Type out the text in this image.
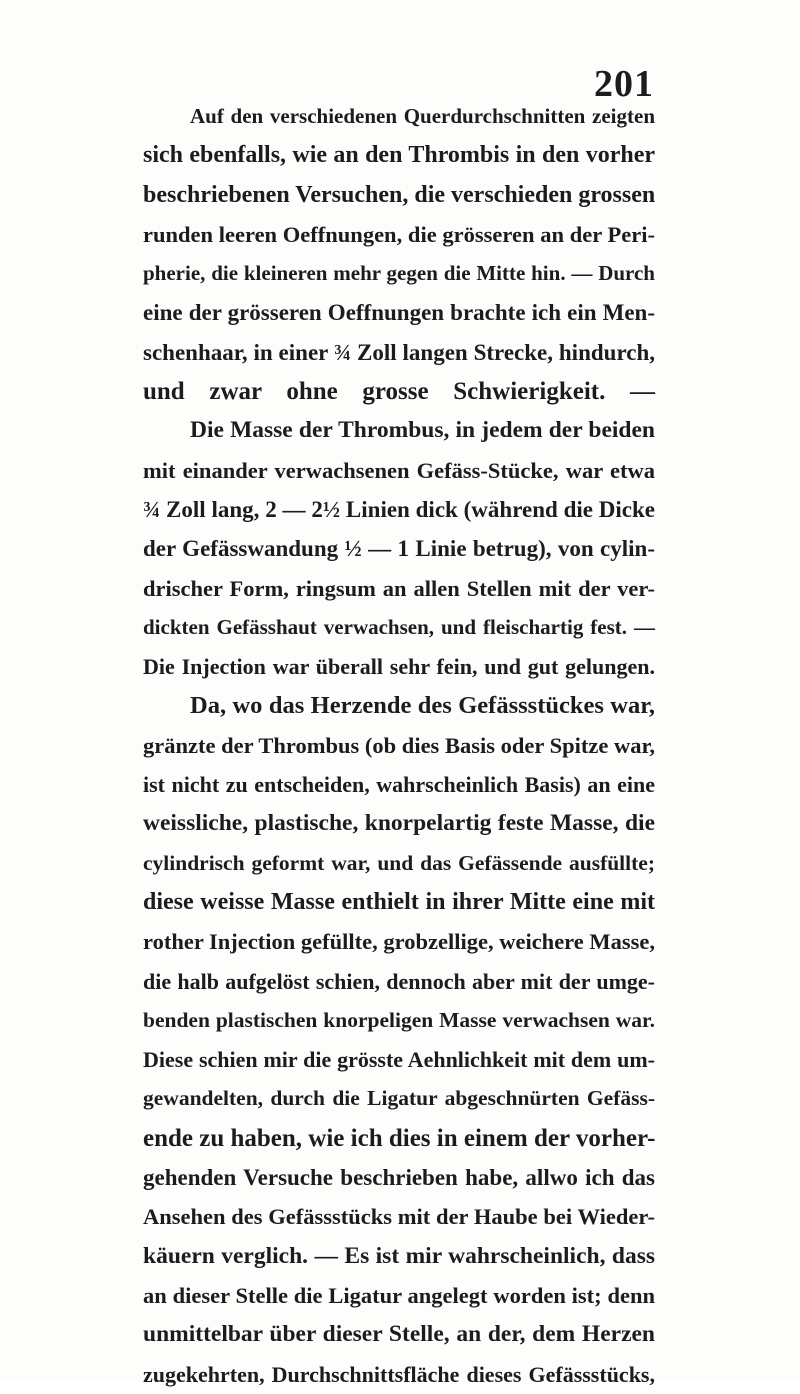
201
Auf den verschiedenen Querdurchschnitten zeigten
sich ebenfalls, wie an den Thrombis in den vorher
beschriebenen Versuchen, die verschieden grossen
runden leeren Oeffnungen, die grösseren an der Peri-
pherie, die kleineren mehr gegen die Mitte hin. — Durch
eine der grösseren Oeffnungen brachte ich ein Men-
schenhaar, in einer ¾ Zoll langen Strecke, hindurch,
und zwar ohne grosse Schwierigkeit. —
Die Masse der Thrombus, in jedem der beiden
mit einander verwachsenen Gefäss-Stücke, war etwa
¾ Zoll lang, 2 — 2½ Linien dick (während die Dicke
der Gefässwandung ½ — 1 Linie betrug), von cylin-
drischer Form, ringsum an allen Stellen mit der ver-
dickten Gefässhaut verwachsen, und fleischartig fest. —
Die Injection war überall sehr fein, und gut gelungen.
Da, wo das Herzende des Gefässstückes war,
gränzte der Thrombus (ob dies Basis oder Spitze war,
ist nicht zu entscheiden, wahrscheinlich Basis) an eine
weissliche, plastische, knorpelartig feste Masse, die
cylindrisch geformt war, und das Gefässende ausfüllte;
diese weisse Masse enthielt in ihrer Mitte eine mit
rother Injection gefüllte, grobzellige, weichere Masse,
die halb aufgelöst schien, dennoch aber mit der umge-
benden plastischen knorpeligen Masse verwachsen war.
Diese schien mir die grösste Aehnlichkeit mit dem um-
gewandelten, durch die Ligatur abgeschnürten Gefäss-
ende zu haben, wie ich dies in einem der vorher-
gehenden Versuche beschrieben habe, allwo ich das
Ansehen des Gefässstücks mit der Haube bei Wieder-
käuern verglich. — Es ist mir wahrscheinlich, dass
an dieser Stelle die Ligatur angelegt worden ist; denn
unmittelbar über dieser Stelle, an der, dem Herzen
zugekehrten, Durchschnittsfläche dieses Gefässstücks,
